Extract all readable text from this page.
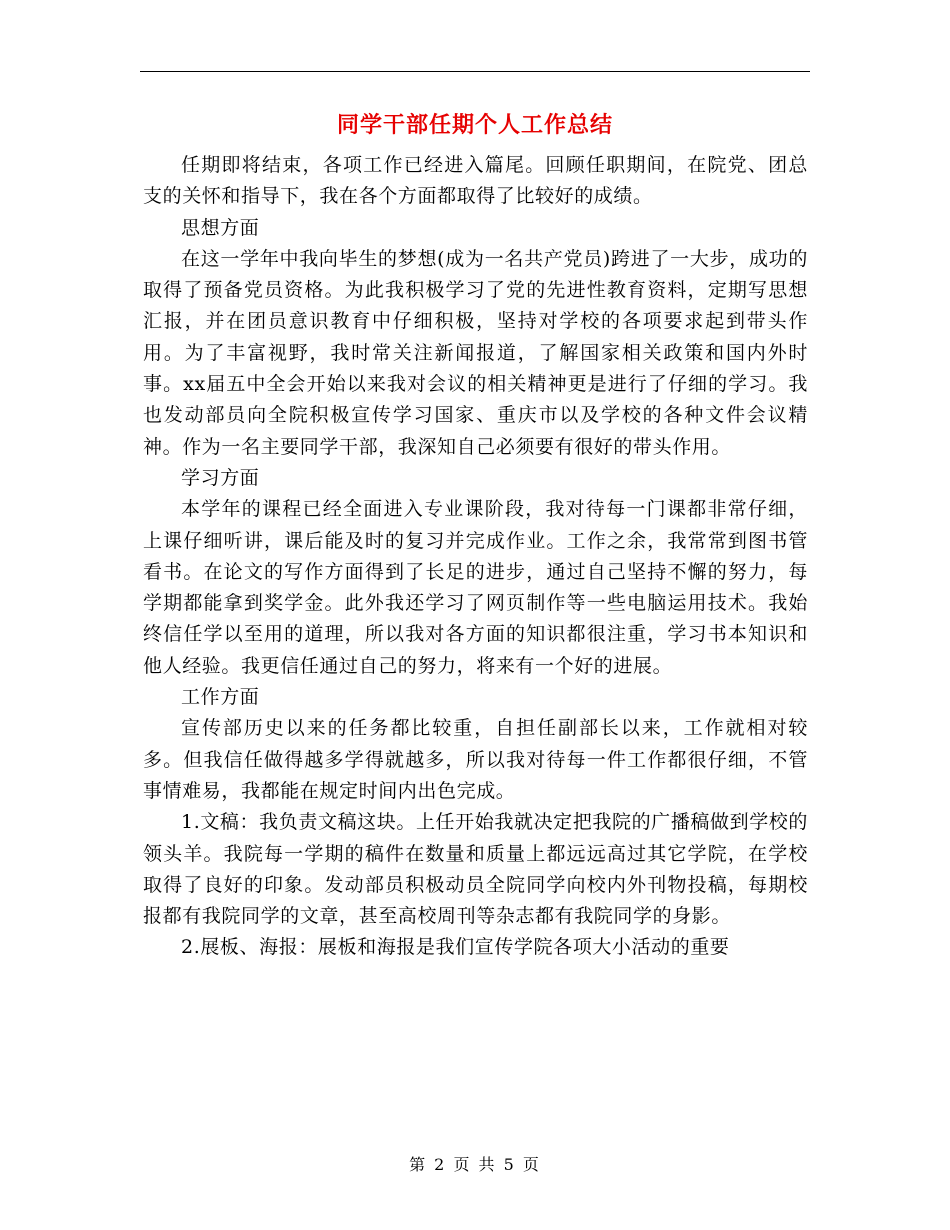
同学干部任期个人工作总结

任期即将结束，各项工作已经进入篇尾。回顾任职期间，在院党、团总支的关怀和指导下，我在各个方面都取得了比较好的成绩。

思想方面

在这一学年中我向毕生的梦想(成为一名共产党员)跨进了一大步，成功的取得了预备党员资格。为此我积极学习了党的先进性教育资料，定期写思想汇报，并在团员意识教育中仔细积极，坚持对学校的各项要求起到带头作用。为了丰富视野，我时常关注新闻报道，了解国家相关政策和国内外时事。xx届五中全会开始以来我对会议的相关精神更是进行了仔细的学习。我也发动部员向全院积极宣传学习国家、重庆市以及学校的各种文件会议精神。作为一名主要同学干部，我深知自己必须要有很好的带头作用。

学习方面

本学年的课程已经全面进入专业课阶段，我对待每一门课都非常仔细，上课仔细听讲，课后能及时的复习并完成作业。工作之余，我常常到图书管看书。在论文的写作方面得到了长足的进步，通过自己坚持不懈的努力，每学期都能拿到奖学金。此外我还学习了网页制作等一些电脑运用技术。我始终信任学以至用的道理，所以我对各方面的知识都很注重，学习书本知识和他人经验。我更信任通过自己的努力，将来有一个好的进展。

工作方面

宣传部历史以来的任务都比较重，自担任副部长以来，工作就相对较多。但我信任做得越多学得就越多，所以我对待每一件工作都很仔细，不管事情难易，我都能在规定时间内出色完成。

1.文稿：我负责文稿这块。上任开始我就决定把我院的广播稿做到学校的领头羊。我院每一学期的稿件在数量和质量上都远远高过其它学院，在学校取得了良好的印象。发动部员积极动员全院同学向校内外刊物投稿，每期校报都有我院同学的文章，甚至高校周刊等杂志都有我院同学的身影。

2.展板、海报：展板和海报是我们宣传学院各项大小活动的重要

第 2 页 共 5 页
